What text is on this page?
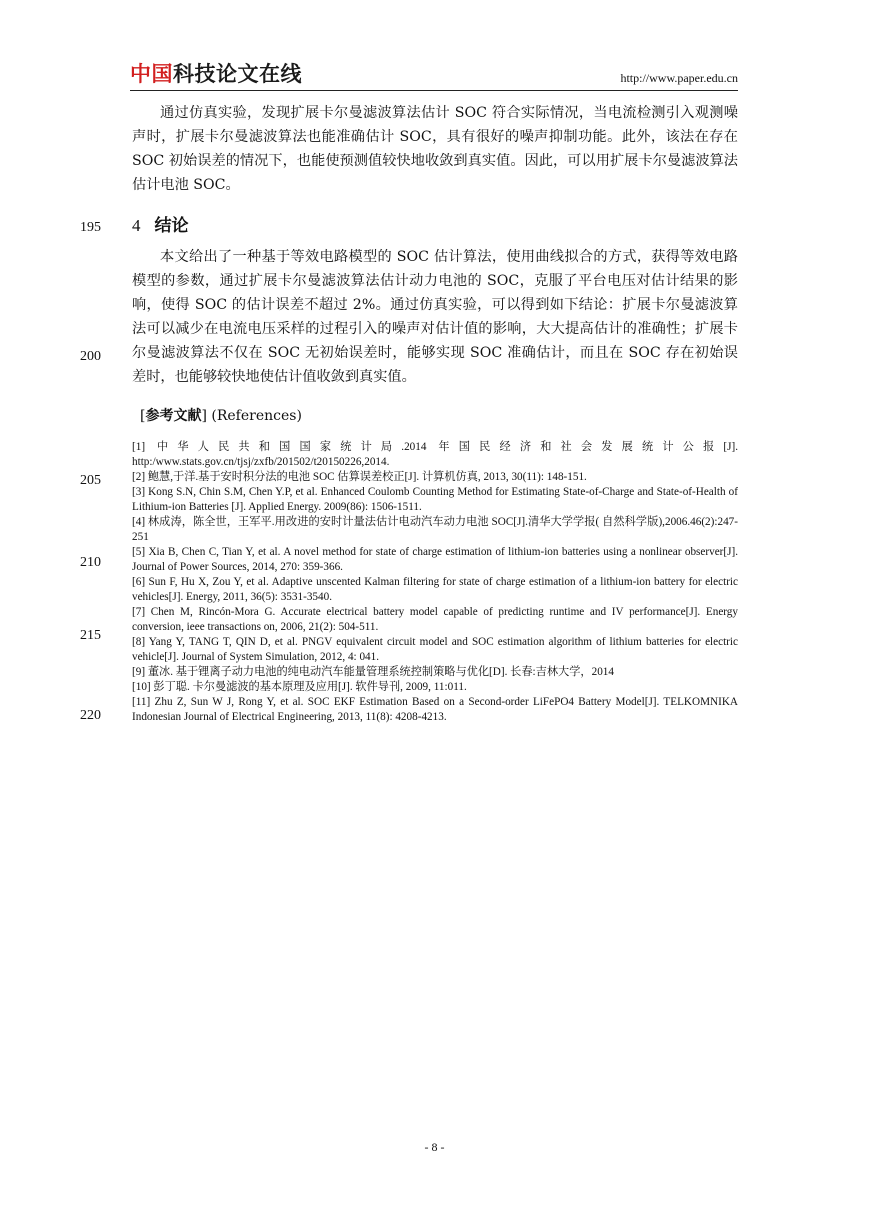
中国科技论文在线	http://www.paper.edu.cn

通过仿真实验，发现扩展卡尔曼滤波算法估计 SOC 符合实际情况，当电流检测引入观测噪声时，扩展卡尔曼滤波算法也能准确估计 SOC，具有很好的噪声抑制功能。此外，该法在存在 SOC 初始误差的情况下，也能使预测值较快地收敛到真实值。因此，可以用扩展卡尔曼滤波算法估计电池 SOC。

195 4 结论

本文给出了一种基于等效电路模型的 SOC 估计算法，使用曲线拟合的方式，获得等效电路模型的参数，通过扩展卡尔曼滤波算法估计动力电池的 SOC，克服了平台电压对估计结果的影响，使得 SOC 的估计误差不超过 2%。通过仿真实验，可以得到如下结论：扩展卡尔曼滤波算法可以减少在电流电压采样的过程引入的噪声对估计值的影响，大大提高估计的准确性；扩展卡尔曼滤波算法不仅在 SOC 无初始误差时，能够实现 SOC 准确估计，而且在 SOC 存在初始误差时，也能够较快地使估计值收敛到真实值。

200
[参考文献] (References)
205
210
215
220

[1] 中华人民共和国国家统计局.2014 年国民经济和社会发展统计公报[J]. http:/www.stats.gov.cn/tjsj/zxfb/201502/t20150226,2014.

[2] 鲍慧,于洋.基于安时积分法的电池 SOC 估算误差校正[J]. 计算机仿真, 2013, 30(11): 148-151.

[3] Kong S.N, Chin S.M, Chen Y.P, et al. Enhanced Coulomb Counting Method for Estimating State-of-Charge and State-of-Health of Lithium-ion Batteries [J]. Applied Energy. 2009(86): 1506-1511.

[4] 林成涛，陈全世，王军平.用改进的安时计量法估计电动汽车动力电池 SOC[J].清华大学学报( 自然科学版),2006.46(2):247-251

[5] Xia B, Chen C, Tian Y, et al. A novel method for state of charge estimation of lithium-ion batteries using a nonlinear observer[J]. Journal of Power Sources, 2014, 270: 359-366.

[6] Sun F, Hu X, Zou Y, et al. Adaptive unscented Kalman filtering for state of charge estimation of a lithium-ion battery for electric vehicles[J]. Energy, 2011, 36(5): 3531-3540.

[7] Chen M, Rincón-Mora G. Accurate electrical battery model capable of predicting runtime and IV performance[J]. Energy conversion, ieee transactions on, 2006, 21(2): 504-511.

[8] Yang Y, TANG T, QIN D, et al. PNGV equivalent circuit model and SOC estimation algorithm of lithium batteries for electric vehicle[J]. Journal of System Simulation, 2012, 4: 041.

[9] 董冰. 基于锂离子动力电池的纯电动汽车能量管理系统控制策略与优化[D]. 长春:吉林大学，2014

[10] 彭丁聪. 卡尔曼滤波的基本原理及应用[J]. 软件导刊, 2009, 11:011.

[11] Zhu Z, Sun W J, Rong Y, et al. SOC EKF Estimation Based on a Second-order LiFePO4 Battery Model[J]. TELKOMNIKA Indonesian Journal of Electrical Engineering, 2013, 11(8): 4208-4213.

- 8 -
